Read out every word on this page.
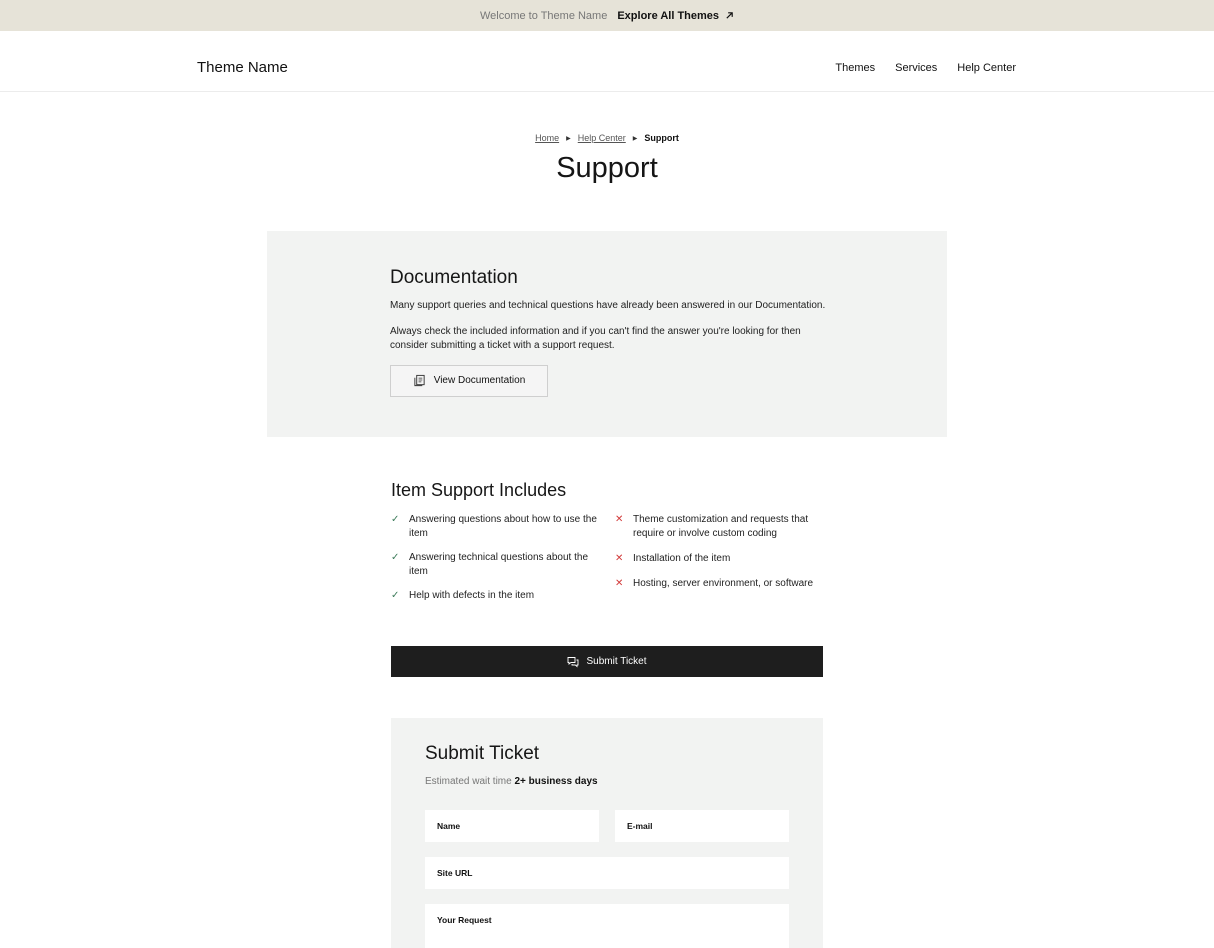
Welcome to Theme Name Explore All Themes
Theme Name	Themes Services Help Center
Home ▶ Help Center ▶ Support
Support
Documentation

Many support queries and technical questions have already been answered in our Documentation.

Always check the included information and if you can't find the answer you're looking for then consider submitting a ticket with a support request.

View Documentation
Item Support Includes
✓ Answering questions about how to use the item
✓ Answering technical questions about the item
✓ Help with defects in the item
✕ Theme customization and requests that require or involve custom coding
✕ Installation of the item
✕ Hosting, server environment, or software
Submit Ticket
Submit Ticket
Estimated wait time 2+ business days
Name	E-mail
Site URL
Your Request
